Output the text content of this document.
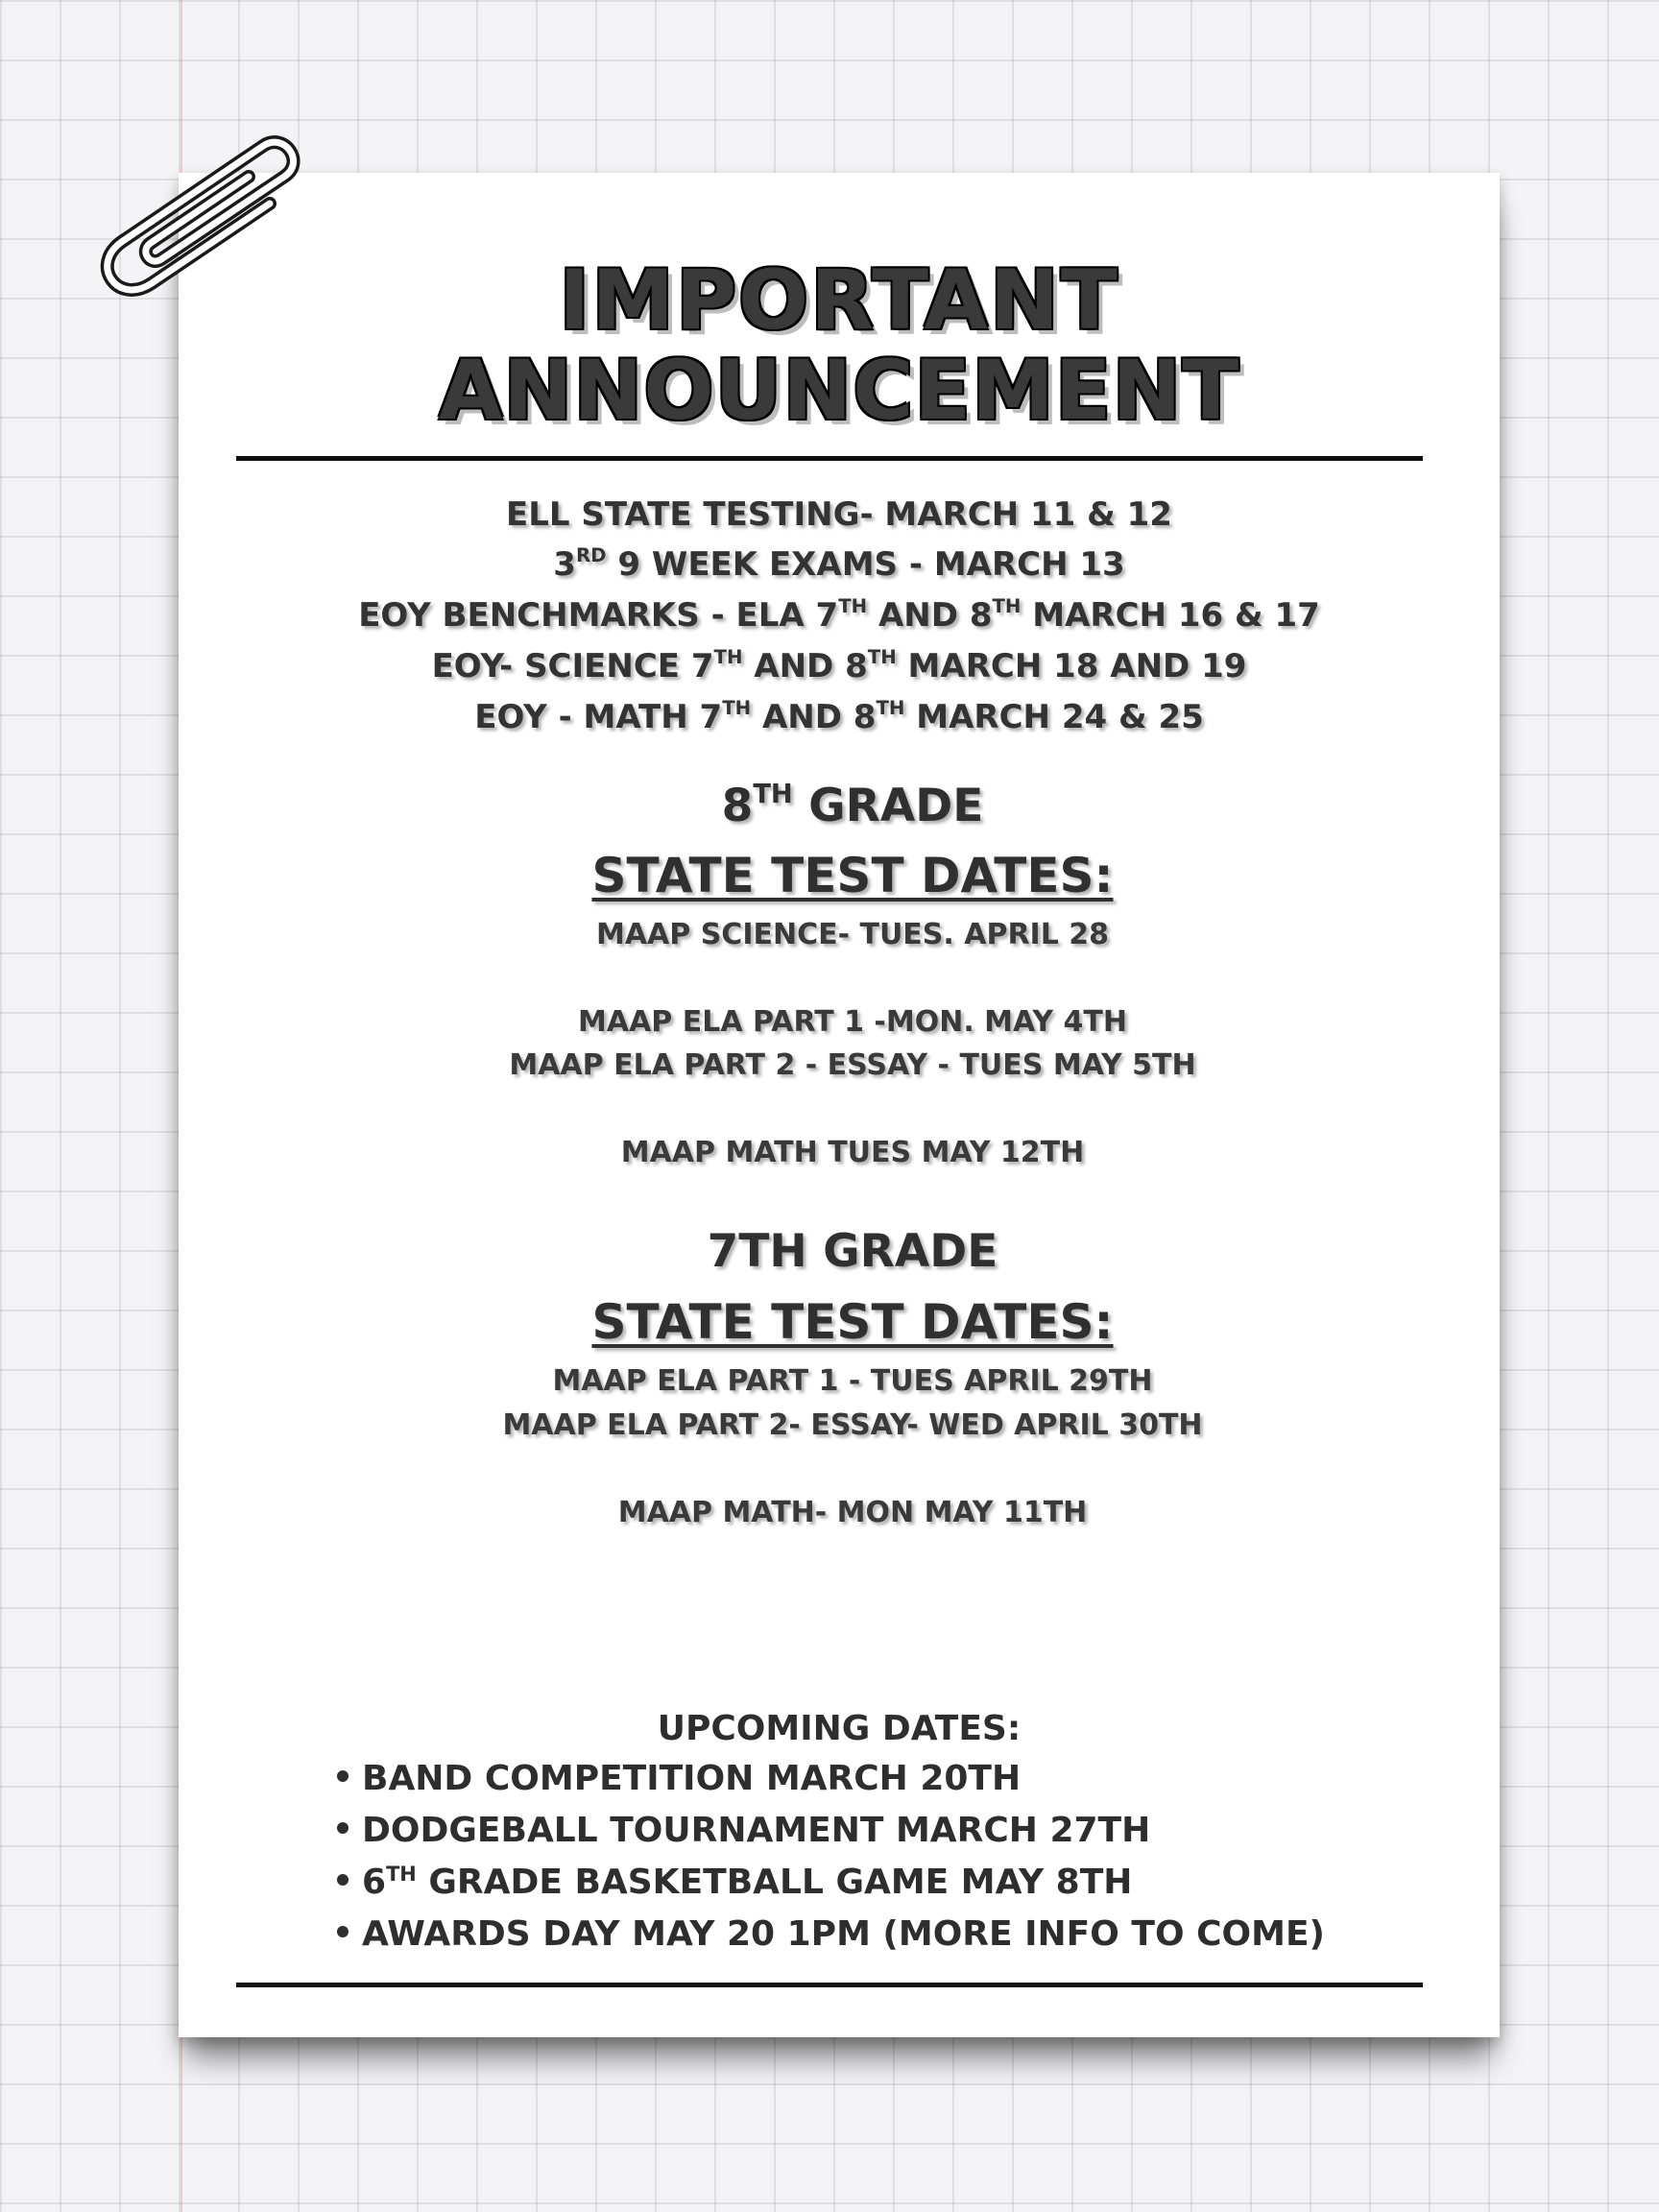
IMPORTANT
ANNOUNCEMENT
ELL STATE TESTING- MARCH 11 & 12
3RD 9 WEEK EXAMS - MARCH 13
EOY BENCHMARKS - ELA 7TH AND 8TH MARCH 16 & 17
EOY- SCIENCE 7TH AND 8TH MARCH 18 AND 19
EOY - MATH 7TH AND 8TH MARCH 24 & 25
8TH GRADE
STATE TEST DATES:
MAAP SCIENCE- TUES. APRIL 28
MAAP ELA PART 1 -MON. MAY 4TH
MAAP ELA PART 2 - ESSAY - TUES MAY 5TH
MAAP MATH TUES MAY 12TH
7TH GRADE
STATE TEST DATES:
MAAP ELA PART 1 - TUES APRIL 29TH
MAAP ELA PART 2- ESSAY- WED APRIL 30TH
MAAP MATH- MON MAY 11TH
UPCOMING DATES:
BAND COMPETITION MARCH 20TH
DODGEBALL TOURNAMENT MARCH 27TH
6TH GRADE BASKETBALL GAME MAY 8TH
AWARDS DAY MAY 20 1PM (MORE INFO TO COME)
